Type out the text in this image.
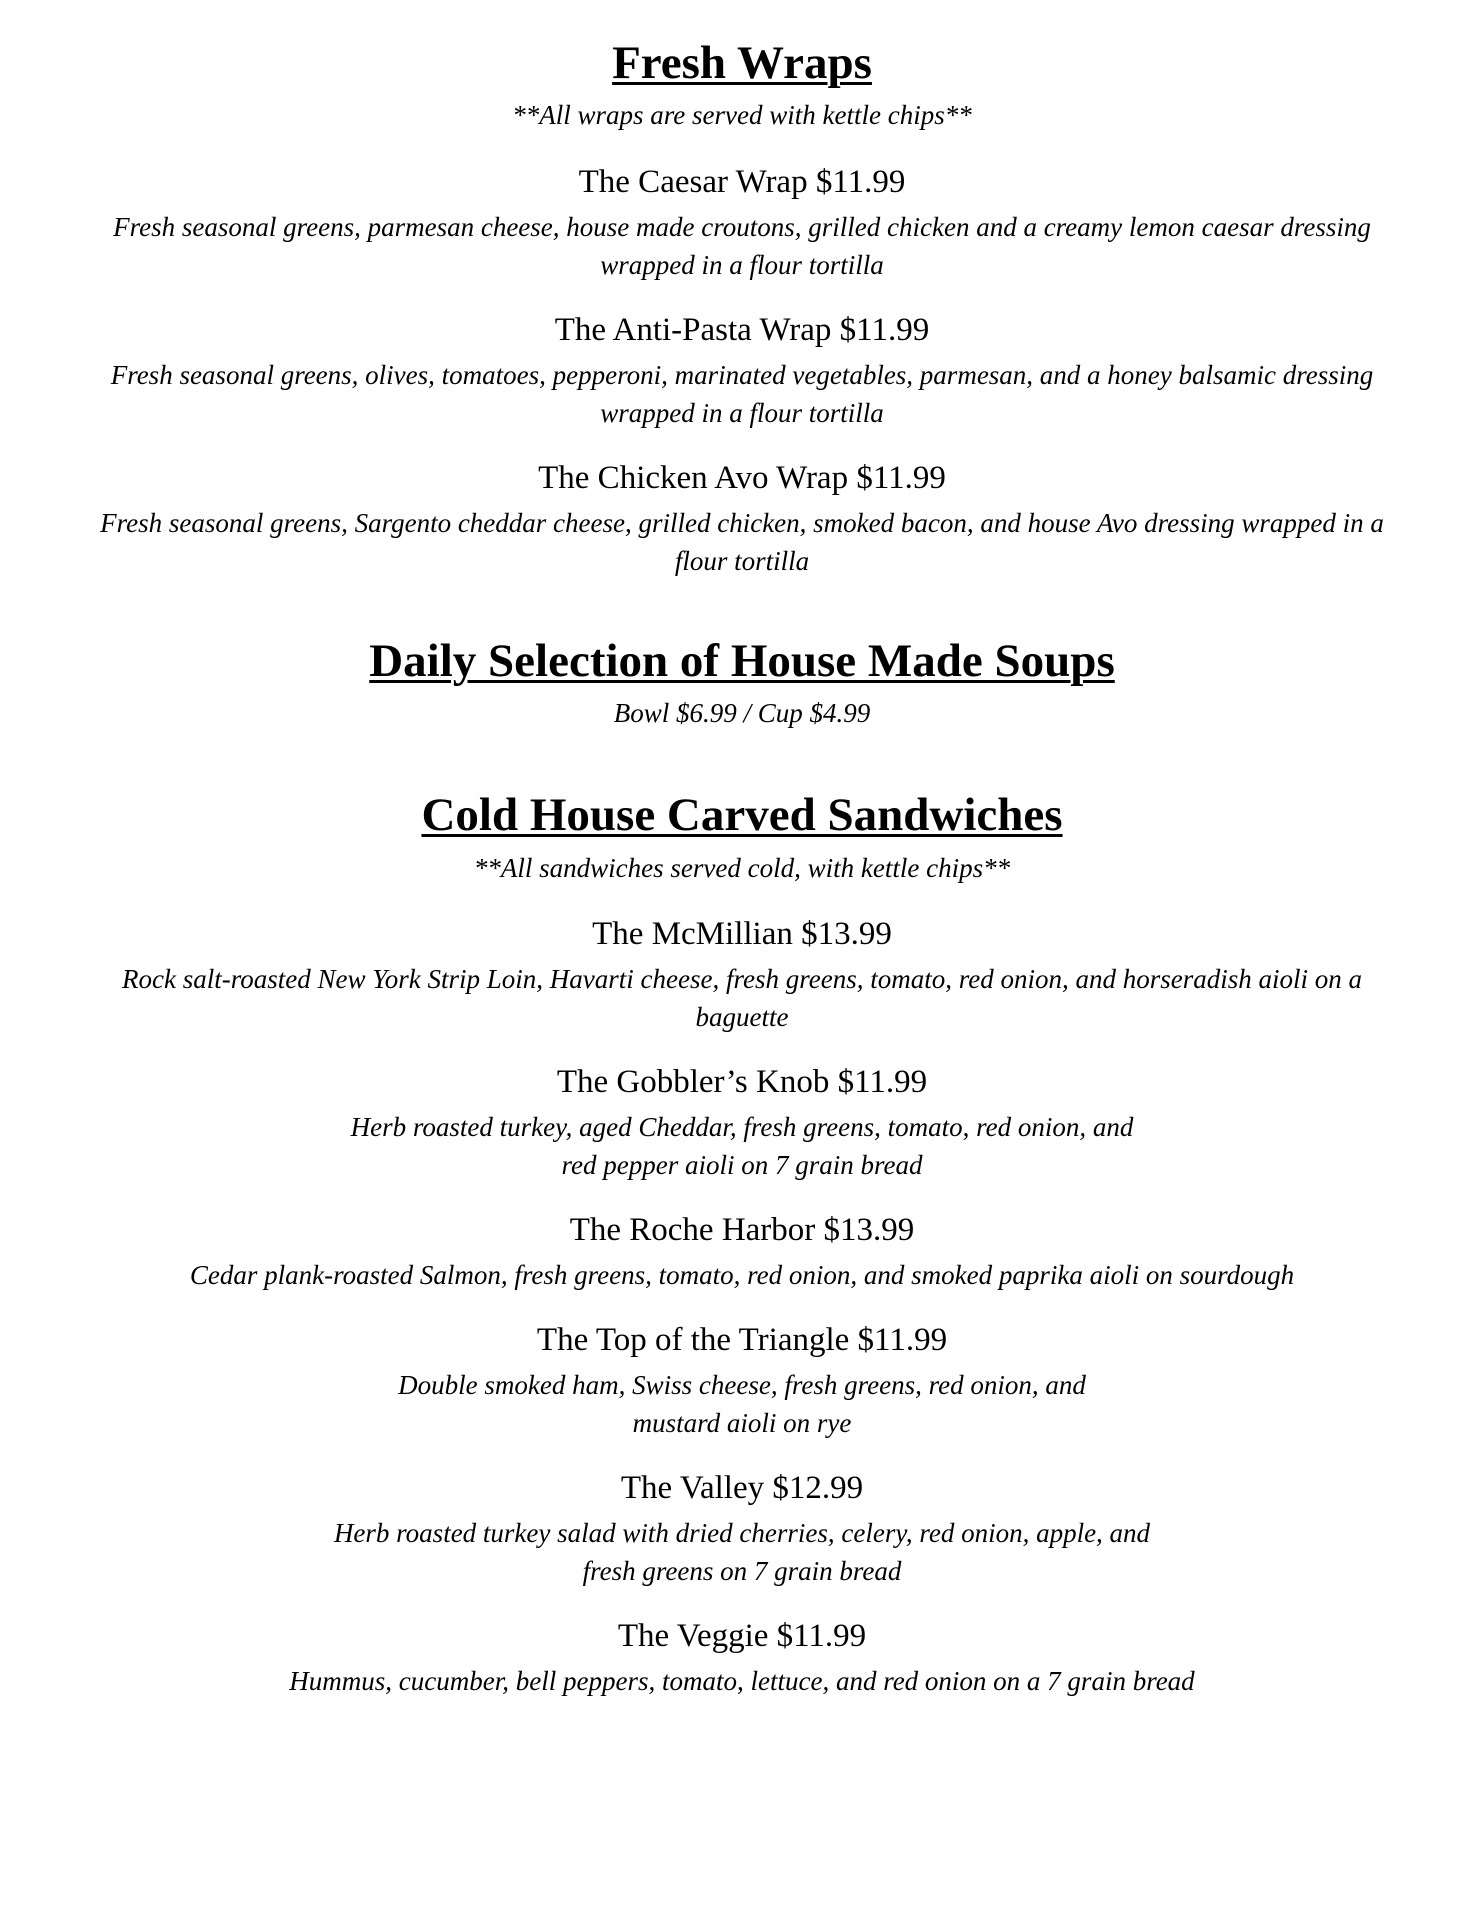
Fresh Wraps

**All wraps are served with kettle chips**

The Caesar Wrap $11.99

Fresh seasonal greens, parmesan cheese, house made croutons, grilled chicken and a creamy lemon caesar dressing
wrapped in a flour tortilla

The Anti-Pasta Wrap $11.99

Fresh seasonal greens, olives, tomatoes, pepperoni, marinated vegetables, parmesan, and a honey balsamic dressing
wrapped in a flour tortilla

The Chicken Avo Wrap $11.99

Fresh seasonal greens, Sargento cheddar cheese, grilled chicken, smoked bacon, and house Avo dressing wrapped in a
flour tortilla

Daily Selection of House Made Soups

Bowl $6.99 / Cup $4.99

Cold House Carved Sandwiches

**All sandwiches served cold, with kettle chips**

The McMillian $13.99

Rock salt-roasted New York Strip Loin, Havarti cheese, fresh greens, tomato, red onion, and horseradish aioli on a
baguette

The Gobbler’s Knob $11.99

Herb roasted turkey, aged Cheddar, fresh greens, tomato, red onion, and
red pepper aioli on 7 grain bread

The Roche Harbor $13.99

Cedar plank-roasted Salmon, fresh greens, tomato, red onion, and smoked paprika aioli on sourdough

The Top of the Triangle $11.99

Double smoked ham, Swiss cheese, fresh greens, red onion, and
mustard aioli on rye

The Valley $12.99

Herb roasted turkey salad with dried cherries, celery, red onion, apple, and
fresh greens on 7 grain bread

The Veggie $11.99

Hummus, cucumber, bell peppers, tomato, lettuce, and red onion on a 7 grain bread
